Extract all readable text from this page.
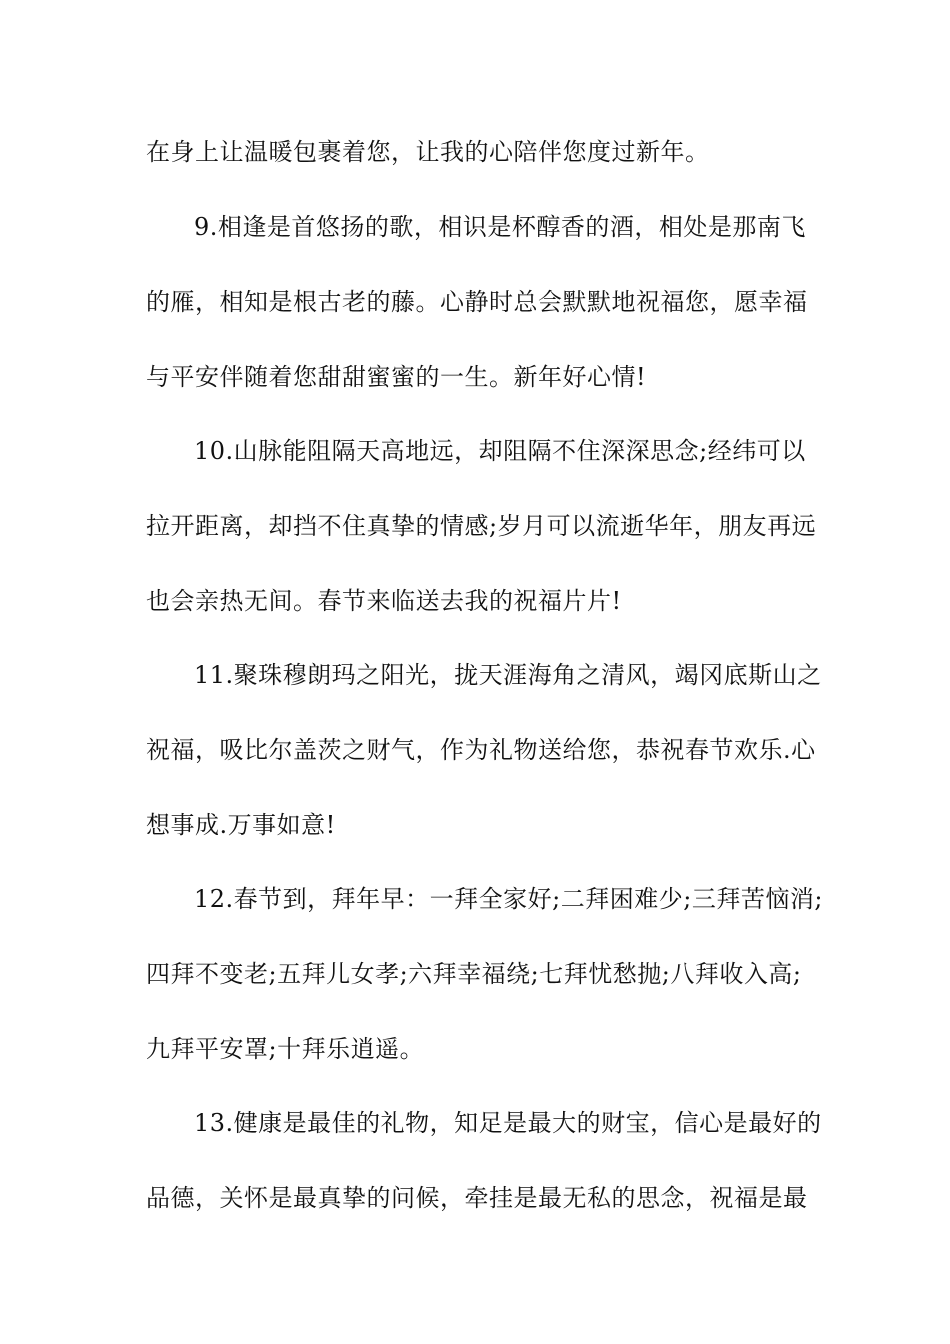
在身上让温暖包裹着您，让我的心陪伴您度过新年。
9.相逢是首悠扬的歌，相识是杯醇香的酒，相处是那南飞
的雁，相知是根古老的藤。心静时总会默默地祝福您，愿幸福
与平安伴随着您甜甜蜜蜜的一生。新年好心情!
10.山脉能阻隔天高地远，却阻隔不住深深思念;经纬可以
拉开距离，却挡不住真挚的情感;岁月可以流逝华年，朋友再远
也会亲热无间。春节来临送去我的祝福片片!
11.聚珠穆朗玛之阳光，拢天涯海角之清风，竭冈底斯山之
祝福，吸比尔盖茨之财气，作为礼物送给您，恭祝春节欢乐.心
想事成.万事如意!
12.春节到，拜年早：一拜全家好;二拜困难少;三拜苦恼消;
四拜不变老;五拜儿女孝;六拜幸福绕;七拜忧愁抛;八拜收入高;
九拜平安罩;十拜乐逍遥。
13.健康是最佳的礼物，知足是最大的财宝，信心是最好的
品德，关怀是最真挚的问候，牵挂是最无私的思念，祝福是最
